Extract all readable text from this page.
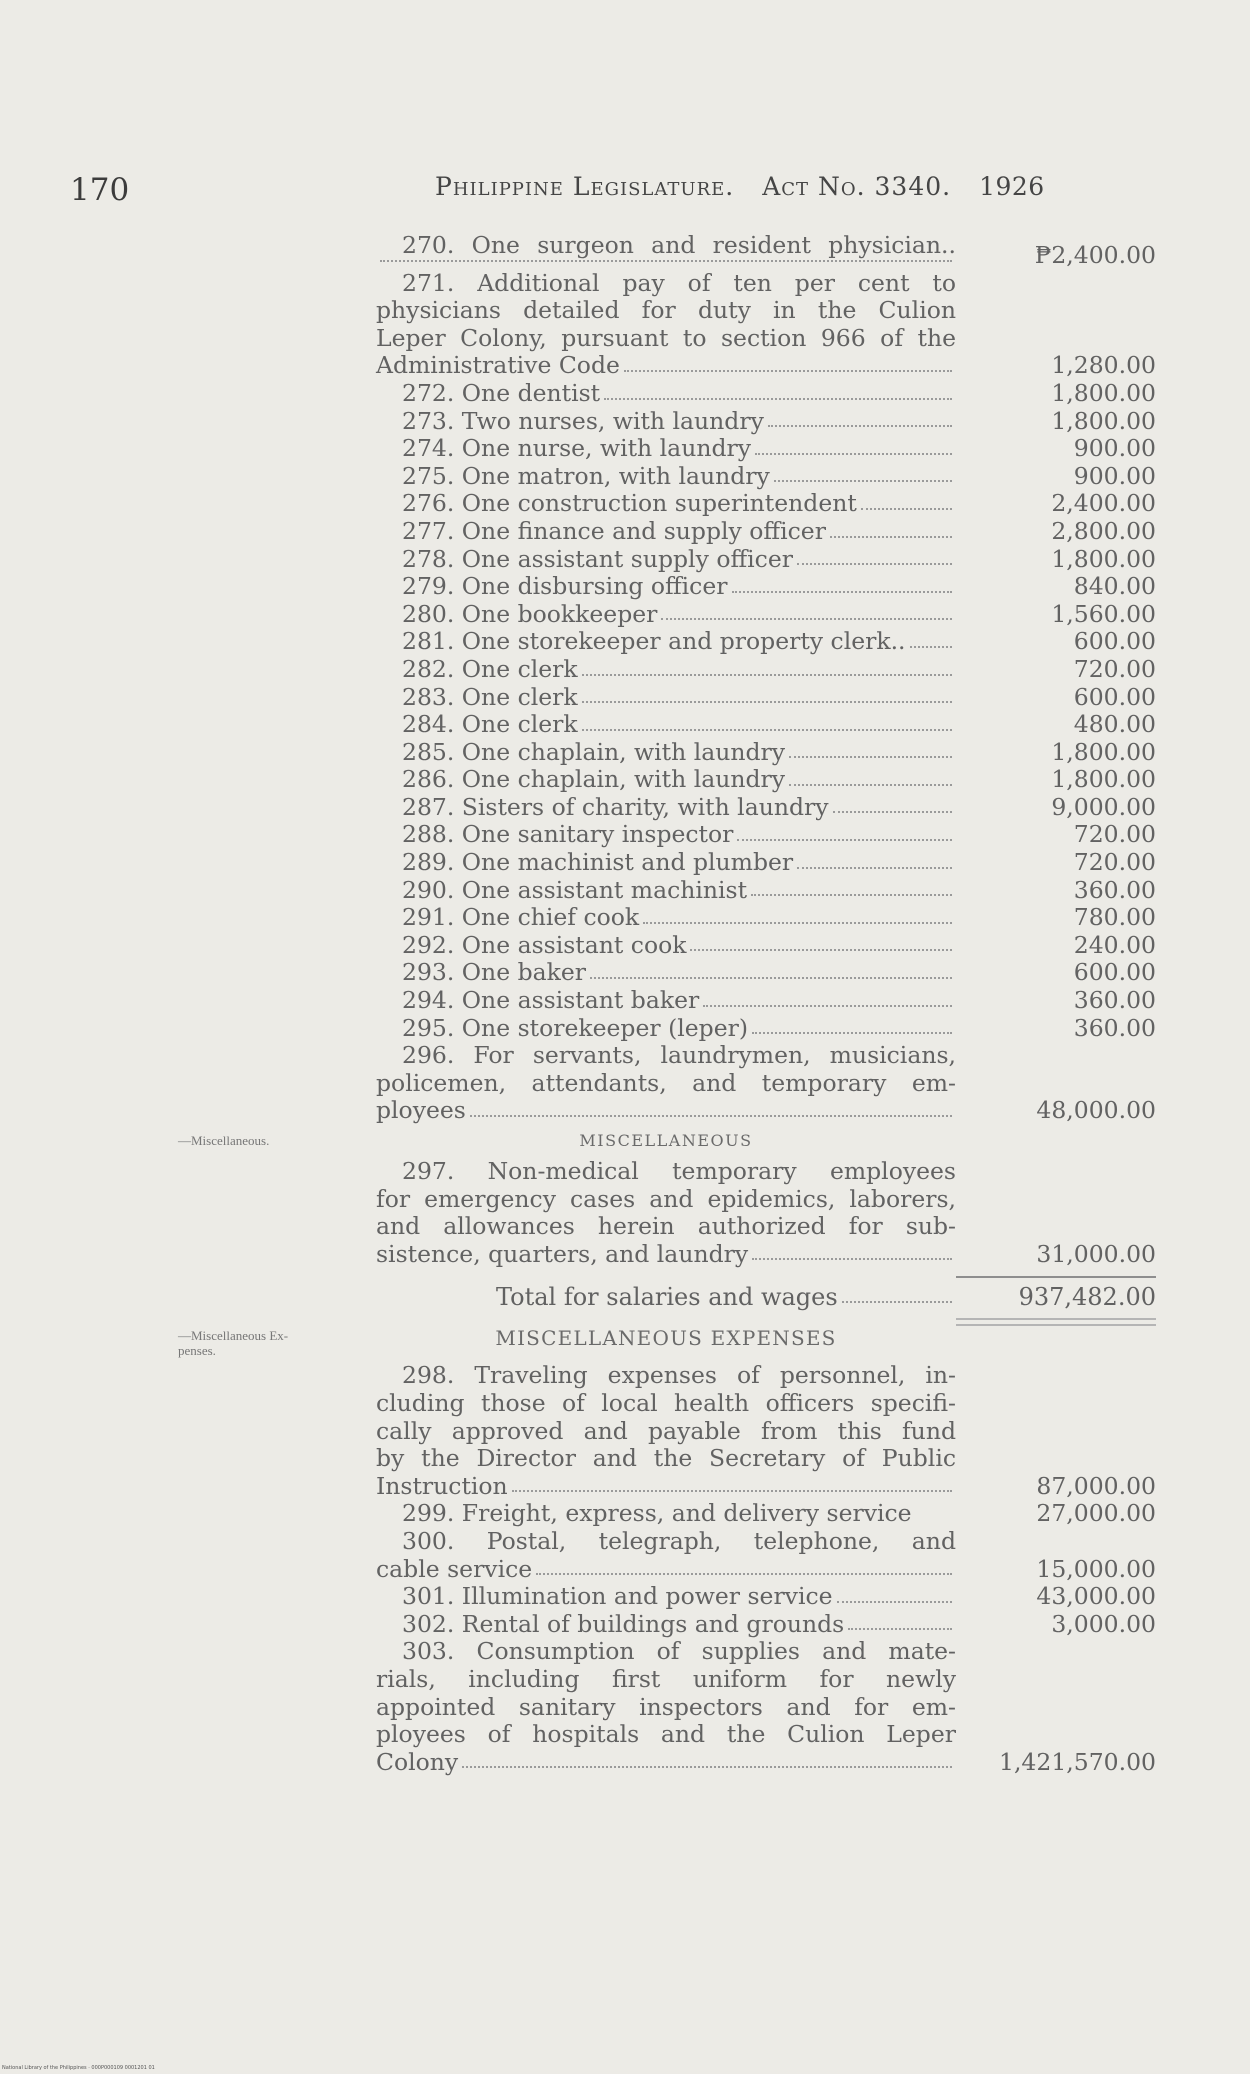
170	Philippine Legislature. Act No. 3340. 1926
270. One surgeon and resident physician..	₱2,400.00
271. Additional pay of ten per cent to
physicians detailed for duty in the Culion
Leper Colony, pursuant to section 966 of the
Administrative Code	1,280.00
272. One dentist	1,800.00
273. Two nurses, with laundry	1,800.00
274. One nurse, with laundry	900.00
275. One matron, with laundry	900.00
276. One construction superintendent	2,400.00
277. One finance and supply officer	2,800.00
278. One assistant supply officer	1,800.00
279. One disbursing officer	840.00
280. One bookkeeper	1,560.00
281. One storekeeper and property clerk..	600.00
282. One clerk	720.00
283. One clerk	600.00
284. One clerk	480.00
285. One chaplain, with laundry	1,800.00
286. One chaplain, with laundry	1,800.00
287. Sisters of charity, with laundry	9,000.00
288. One sanitary inspector	720.00
289. One machinist and plumber	720.00
290. One assistant machinist	360.00
291. One chief cook	780.00
292. One assistant cook	240.00
293. One baker	600.00
294. One assistant baker	360.00
295. One storekeeper (leper)	360.00
296. For servants, laundrymen, musicians,
policemen, attendants, and temporary em-
ployees	48,000.00
MISCELLANEOUS
297. Non-medical temporary employees
for emergency cases and epidemics, laborers,
and allowances herein authorized for sub-
sistence, quarters, and laundry	31,000.00
Total for salaries and wages	937,482.00
MISCELLANEOUS EXPENSES
298. Traveling expenses of personnel, in-
cluding those of local health officers specifi-
cally approved and payable from this fund
by the Director and the Secretary of Public
Instruction	87,000.00
299. Freight, express, and delivery service	27,000.00
300. Postal, telegraph, telephone, and
cable service	15,000.00
301. Illumination and power service	43,000.00
302. Rental of buildings and grounds	3,000.00
303. Consumption of supplies and mate-
rials, including first uniform for newly
appointed sanitary inspectors and for em-
ployees of hospitals and the Culion Leper
Colony	1,421,570.00
National Library of the Philippines · 000P000109 0001201 01
—Miscellaneous.
—Miscellaneous Ex- penses.
